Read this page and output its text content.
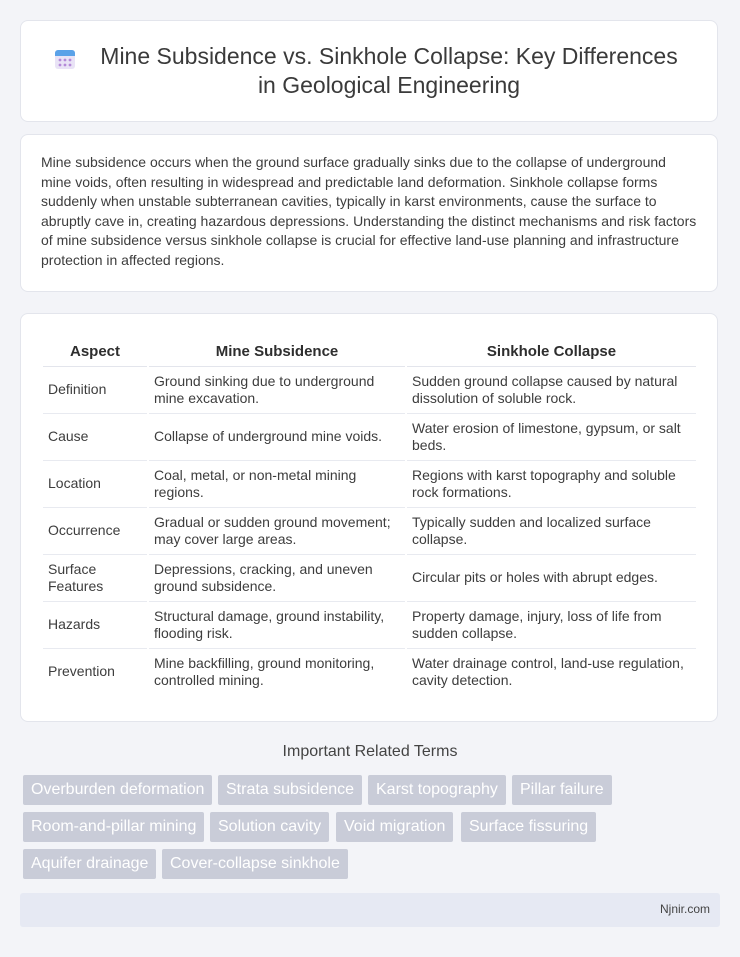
Mine Subsidence vs. Sinkhole Collapse: Key Differences in Geological Engineering

Mine subsidence occurs when the ground surface gradually sinks due to the collapse of underground mine voids, often resulting in widespread and predictable land deformation. Sinkhole collapse forms suddenly when unstable subterranean cavities, typically in karst environments, cause the surface to abruptly cave in, creating hazardous depressions. Understanding the distinct mechanisms and risk factors of mine subsidence versus sinkhole collapse is crucial for effective land-use planning and infrastructure protection in affected regions.

Aspect	Mine Subsidence	Sinkhole Collapse
Definition	Ground sinking due to underground mine excavation.	Sudden ground collapse caused by natural dissolution of soluble rock.
Cause	Collapse of underground mine voids.	Water erosion of limestone, gypsum, or salt beds.
Location	Coal, metal, or non-metal mining regions.	Regions with karst topography and soluble rock formations.
Occurrence	Gradual or sudden ground movement; may cover large areas.	Typically sudden and localized surface collapse.
Surface Features	Depressions, cracking, and uneven ground subsidence.	Circular pits or holes with abrupt edges.
Hazards	Structural damage, ground instability, flooding risk.	Property damage, injury, loss of life from sudden collapse.
Prevention	Mine backfilling, ground monitoring, controlled mining.	Water drainage control, land-use regulation, cavity detection.
Important Related Terms
Overburden deformation	Strata subsidence	Karst topography	Pillar failure
Room-and-pillar mining	Solution cavity	Void migration	Surface fissuring
Aquifer drainage	Cover-collapse sinkhole
Njnir.com
